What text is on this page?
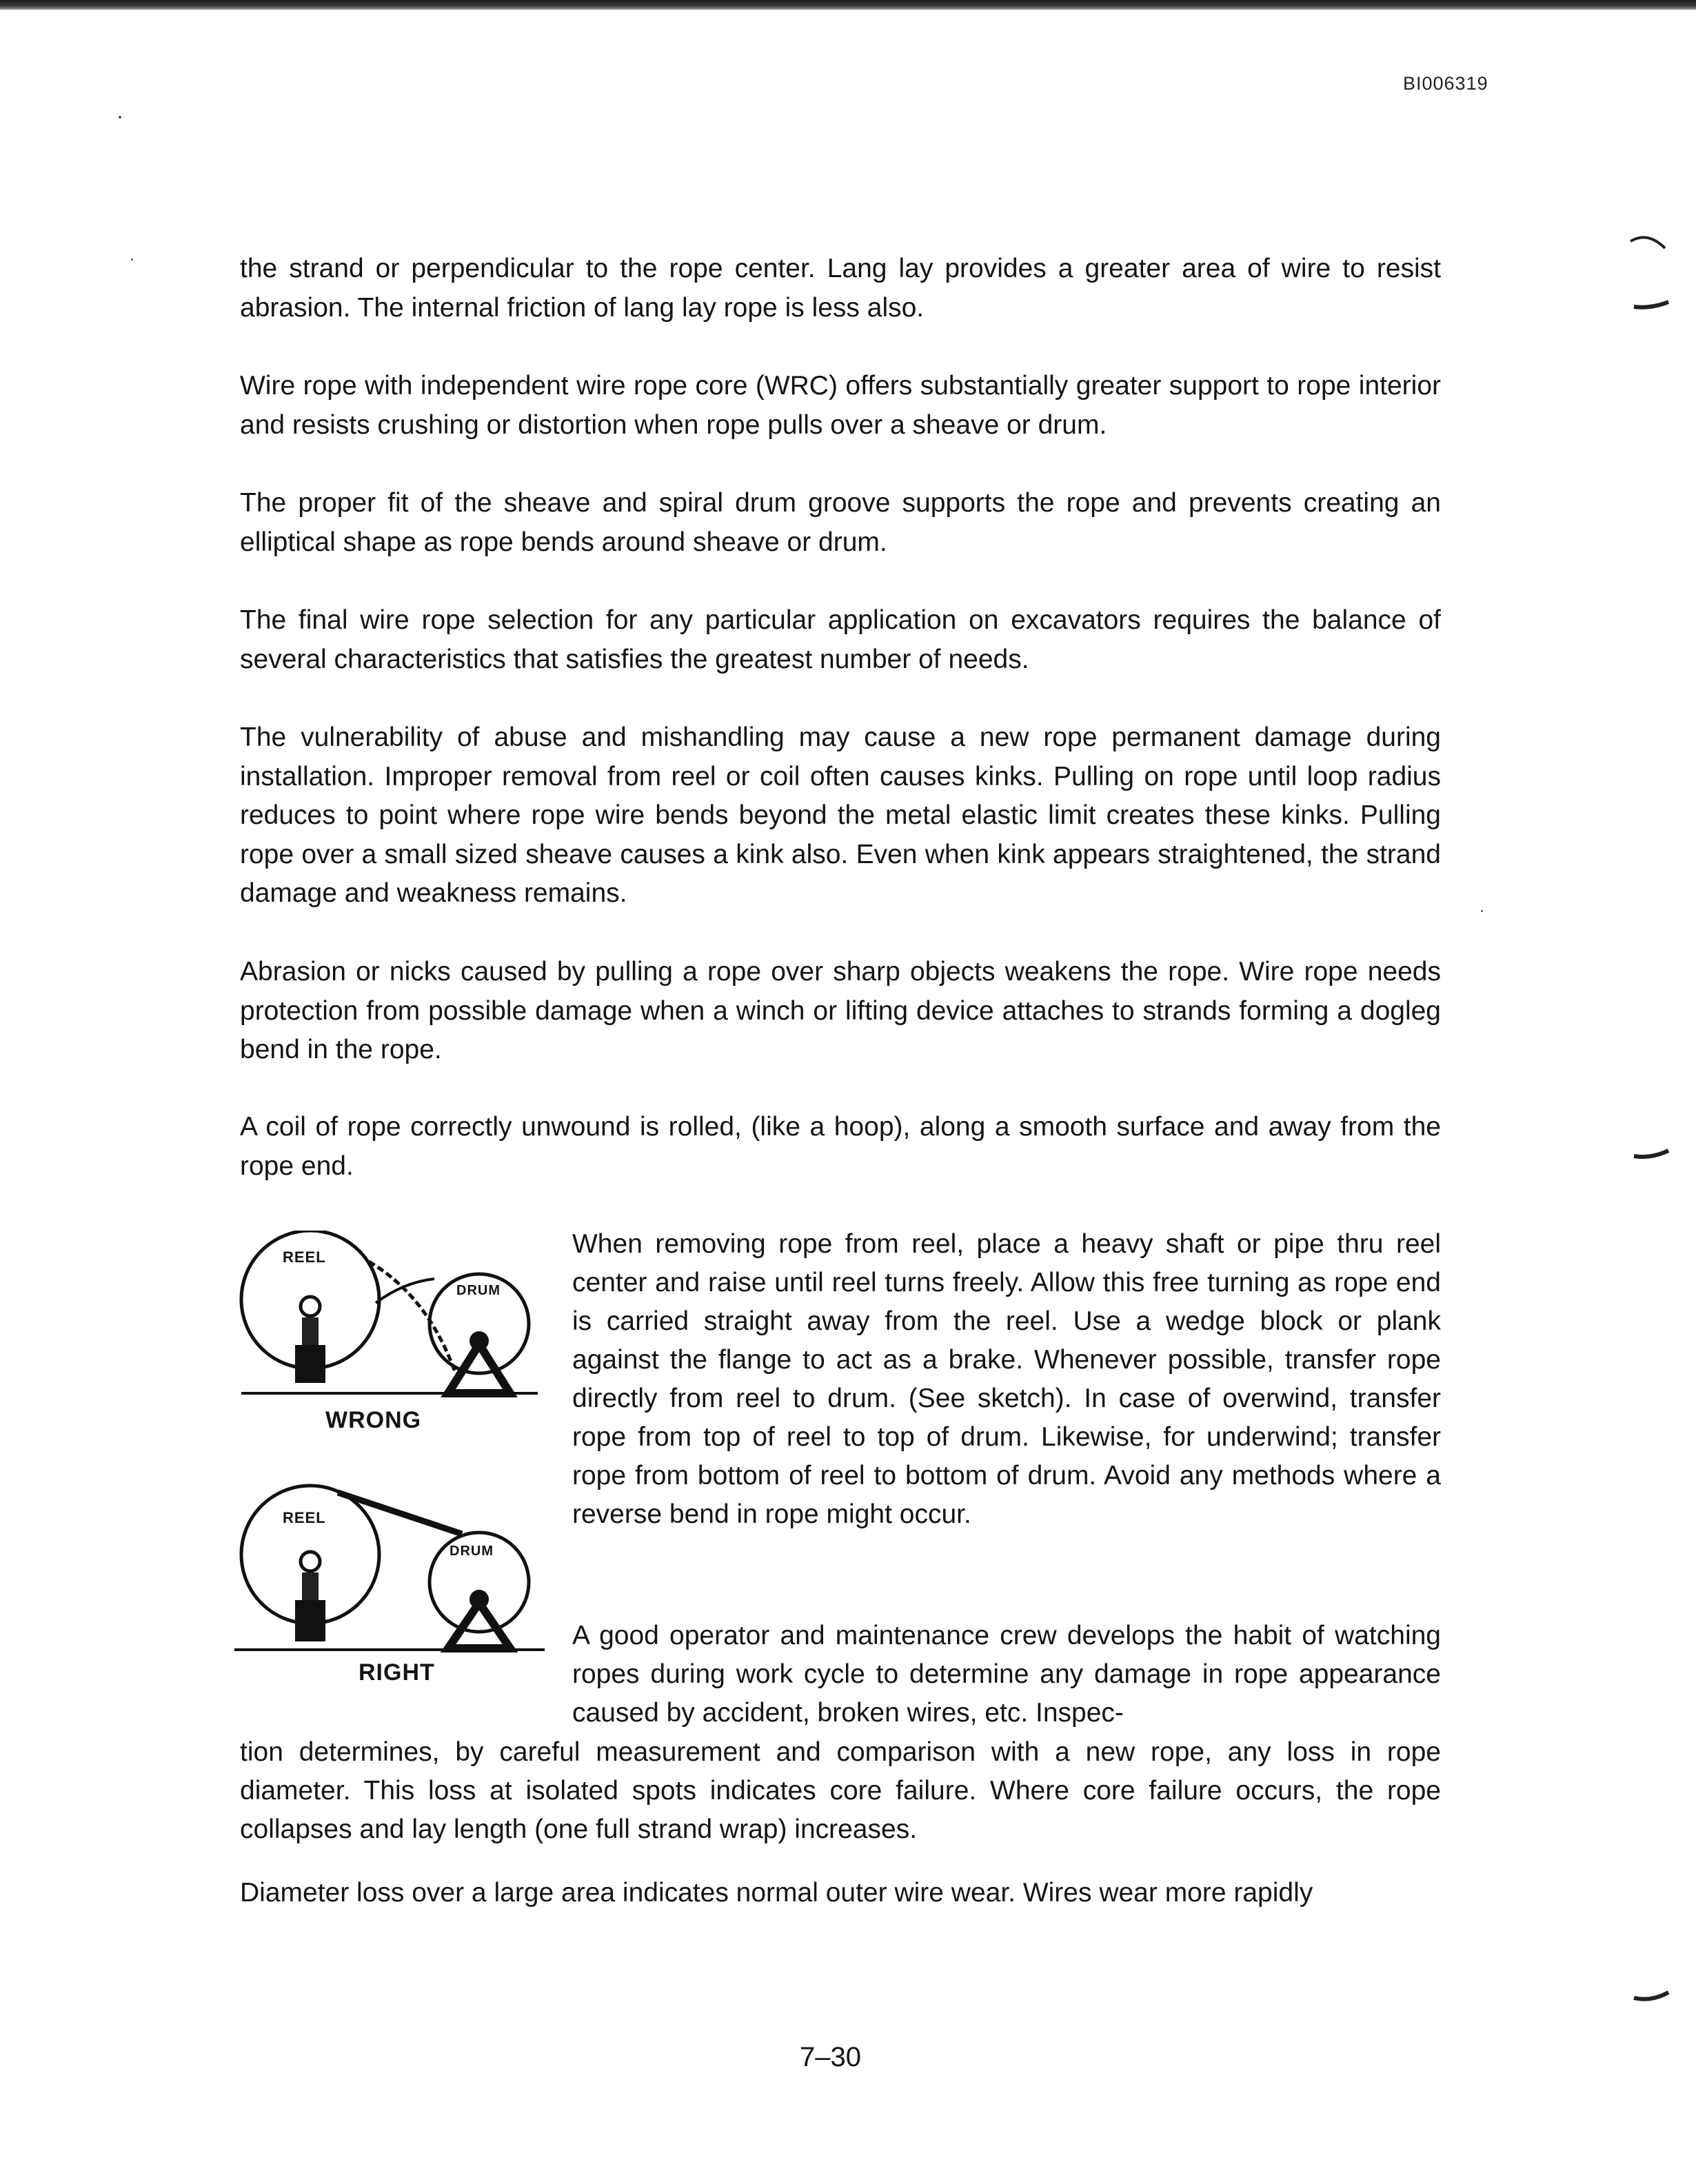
BI006319

the strand or perpendicular to the rope center. Lang lay provides a greater area of wire to resist abrasion. The internal friction of lang lay rope is less also.

Wire rope with independent wire rope core (WRC) offers substantially greater support to rope interior and resists crushing or distortion when rope pulls over a sheave or drum.

The proper fit of the sheave and spiral drum groove supports the rope and prevents creating an elliptical shape as rope bends around sheave or drum.

The final wire rope selection for any particular application on excavators requires the balance of several characteristics that satisfies the greatest number of needs.

The vulnerability of abuse and mishandling may cause a new rope permanent damage during installation. Improper removal from reel or coil often causes kinks. Pulling on rope until loop radius reduces to point where rope wire bends beyond the metal elastic limit creates these kinks. Pulling rope over a small sized sheave causes a kink also. Even when kink appears straightened, the strand damage and weakness remains.

Abrasion or nicks caused by pulling a rope over sharp objects weakens the rope. Wire rope needs protection from possible damage when a winch or lifting device attaches to strands forming a dogleg bend in the rope.

A coil of rope correctly unwound is rolled, (like a hoop), along a smooth surface and away from the rope end.

When removing rope from reel, place a heavy shaft or pipe thru reel center and raise until reel turns freely. Allow this free turning as rope end is carried straight away from the reel. Use a wedge block or plank against the flange to act as a brake. Whenever possible, transfer rope directly from reel to drum. (See sketch). In case of overwind, transfer rope from top of reel to top of drum. Likewise, for underwind; transfer rope from bottom of reel to bottom of drum. Avoid any methods where a reverse bend in rope might occur.

A good operator and maintenance crew develops the habit of watching ropes during work cycle to determine any damage in rope appearance caused by accident, broken wires, etc. Inspec-

tion determines, by careful measurement and comparison with a new rope, any loss in rope diameter. This loss at isolated spots indicates core failure. Where core failure occurs, the rope collapses and lay length (one full strand wrap) increases.

Diameter loss over a large area indicates normal outer wire wear. Wires wear more rapidly

REEL
DRUM
WRONG
REEL
DRUM
RIGHT
7–30
